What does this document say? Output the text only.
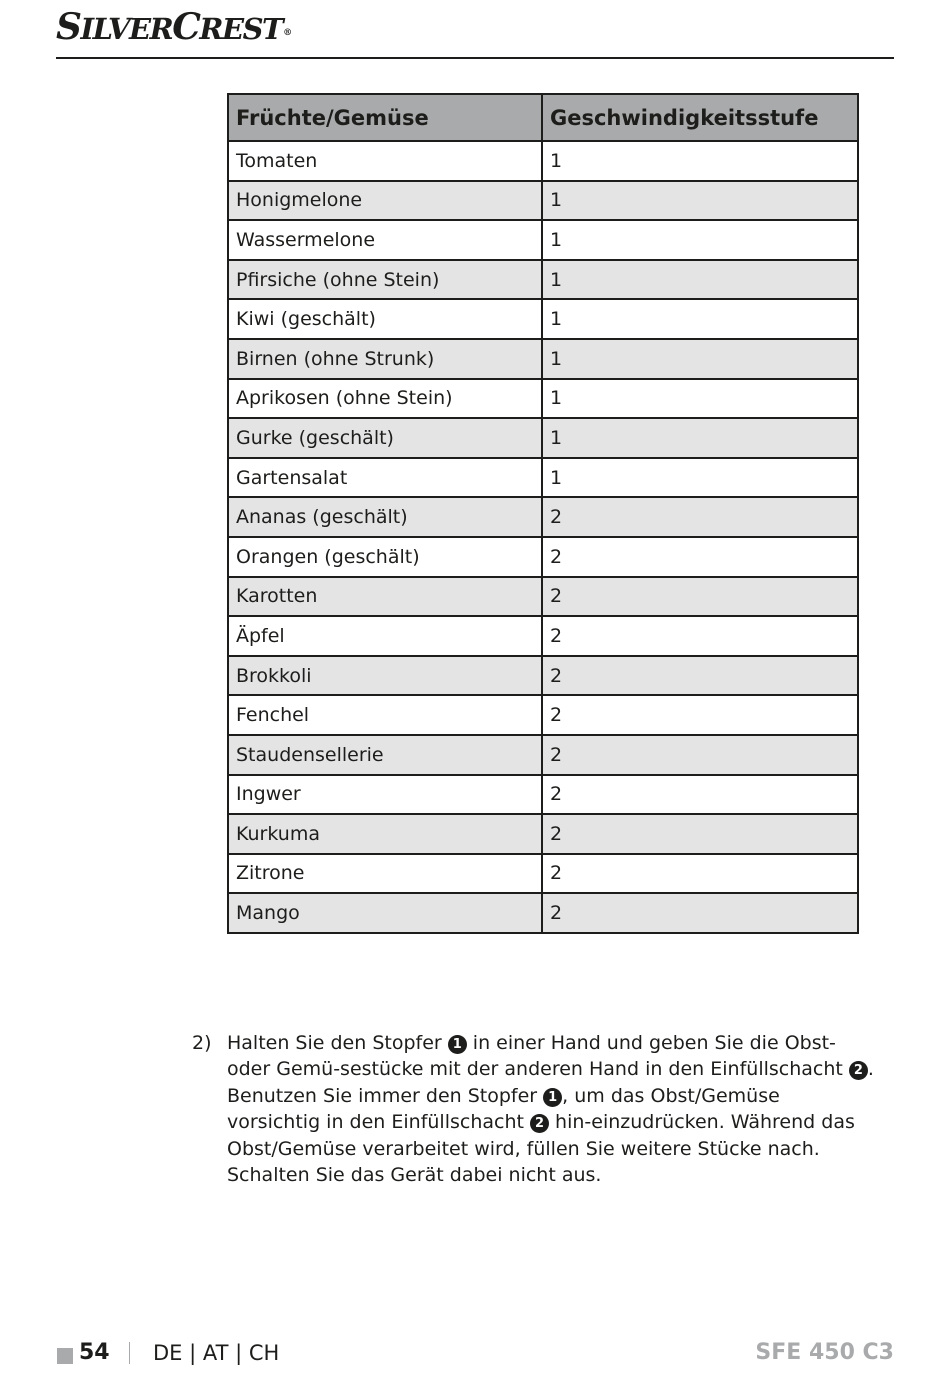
SILVERCREST®
Früchte/Gemüse	Geschwindigkeitsstufe
Tomaten	1
Honigmelone	1
Wassermelone	1
Pfirsiche (ohne Stein)	1
Kiwi (geschält)	1
Birnen (ohne Strunk)	1
Aprikosen (ohne Stein)	1
Gurke (geschält)	1
Gartensalat	1
Ananas (geschält)	2
Orangen (geschält)	2
Karotten	2
Äpfel	2
Brokkoli	2
Fenchel	2
Staudensellerie	2
Ingwer	2
Kurkuma	2
Zitrone	2
Mango	2
2) Halten Sie den Stopfer 1 in einer Hand und geben Sie die Obst- oder Gemü-sestücke mit der anderen Hand in den Einfüllschacht 2 . Benutzen Sie immer den Stopfer 1 , um das Obst/Gemüse vorsichtig in den Einfüllschacht 2 hin-einzudrücken. Während das Obst/Gemüse verarbeitet wird, füllen Sie weitere Stücke nach. Schalten Sie das Gerät dabei nicht aus.
54 DE | AT | CH	SFE 450 C3
